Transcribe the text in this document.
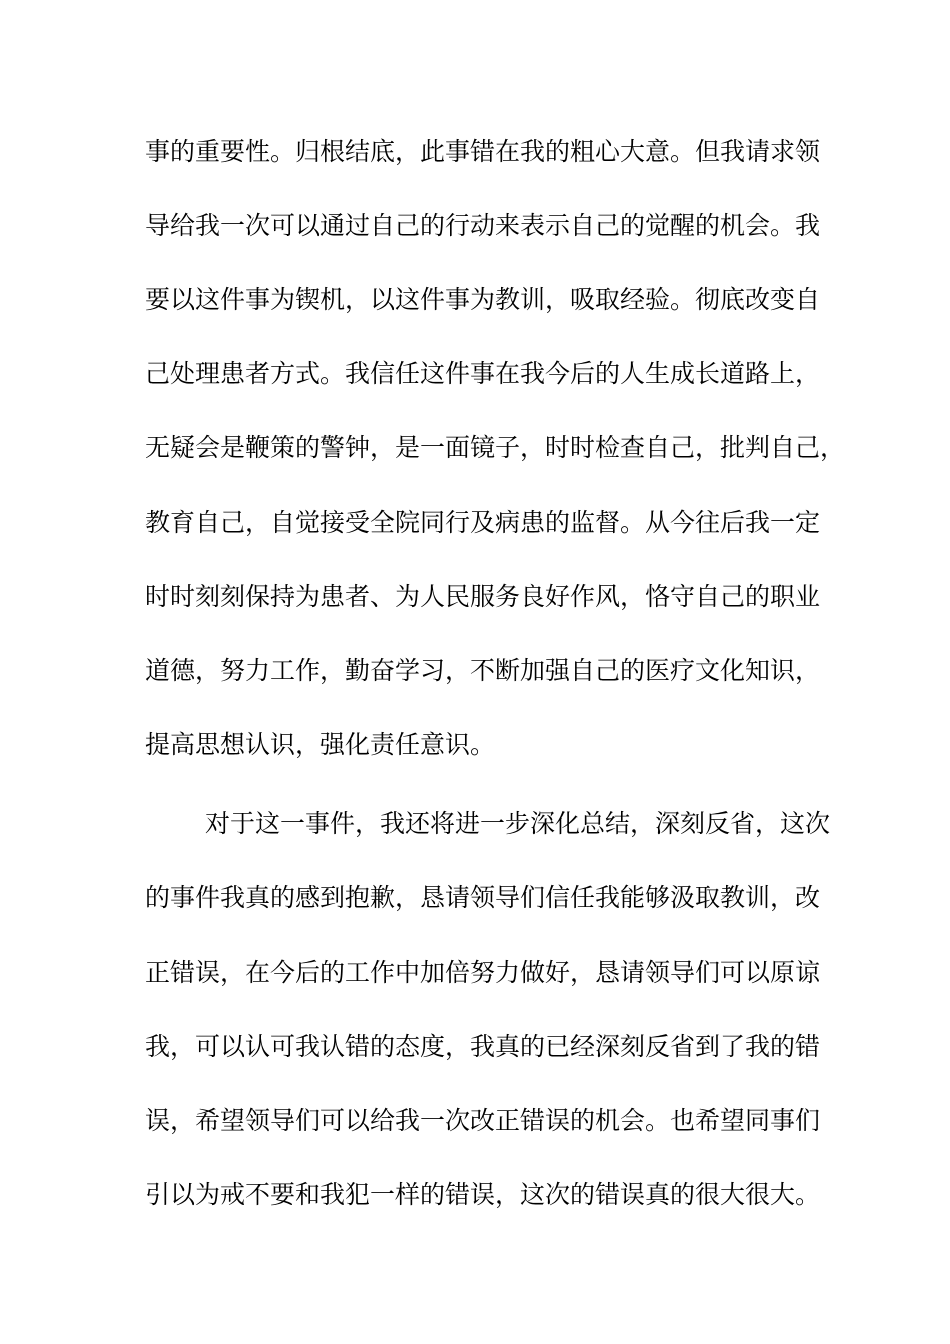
事的重要性。归根结底，此事错在我的粗心大意。但我请求领
导给我一次可以通过自己的行动来表示自己的觉醒的机会。我
要以这件事为锲机，以这件事为教训，吸取经验。彻底改变自
己处理患者方式。我信任这件事在我今后的人生成长道路上，
无疑会是鞭策的警钟，是一面镜子，时时检查自己，批判自己，
教育自己，自觉接受全院同行及病患的监督。从今往后我一定
时时刻刻保持为患者、为人民服务良好作风，恪守自己的职业
道德，努力工作，勤奋学习，不断加强自己的医疗文化知识，
提高思想认识，强化责任意识。
对于这一事件，我还将进一步深化总结，深刻反省，这次
的事件我真的感到抱歉，恳请领导们信任我能够汲取教训，改
正错误，在今后的工作中加倍努力做好，恳请领导们可以原谅
我，可以认可我认错的态度，我真的已经深刻反省到了我的错
误，希望领导们可以给我一次改正错误的机会。也希望同事们
引以为戒不要和我犯一样的错误，这次的错误真的很大很大。
